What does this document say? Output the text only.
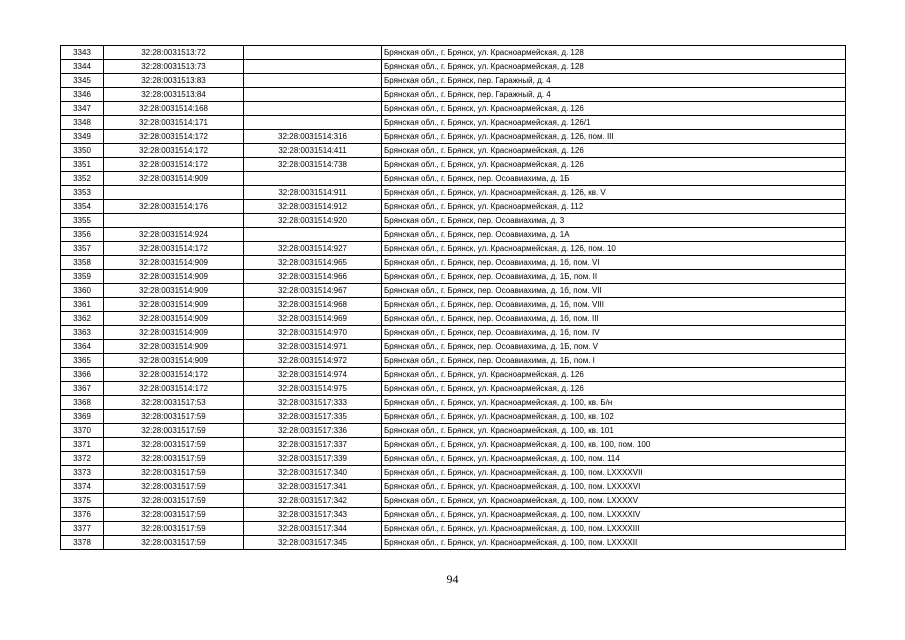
3343	32:28:0031513:72		Брянская обл., г. Брянск, ул. Красноармейская, д. 128
3344	32:28:0031513:73		Брянская обл., г. Брянск, ул. Красноармейская, д. 128
3345	32:28:0031513:83		Брянская обл., г. Брянск, пер. Гаражный, д. 4
3346	32:28:0031513:84		Брянская обл., г. Брянск, пер. Гаражный, д. 4
3347	32:28:0031514:168		Брянская обл., г. Брянск, ул. Красноармейская, д. 126
3348	32:28:0031514:171		Брянская обл., г. Брянск, ул. Красноармейская, д. 126/1
3349	32:28:0031514:172	32:28:0031514:316	Брянская обл., г. Брянск, ул. Красноармейская, д. 126, пом. III
3350	32:28:0031514:172	32:28:0031514:411	Брянская обл., г. Брянск, ул. Красноармейская, д. 126
3351	32:28:0031514:172	32:28:0031514:738	Брянская обл., г. Брянск, ул. Красноармейская, д. 126
3352	32:28:0031514:909		Брянская обл., г. Брянск, пер. Осоавиахима, д. 1Б
3353		32:28:0031514:911	Брянская обл., г. Брянск, ул. Красноармейская, д. 126, кв. V
3354	32:28:0031514:176	32:28:0031514:912	Брянская обл., г. Брянск, ул. Красноармейская, д. 112
3355		32:28:0031514:920	Брянская обл., г. Брянск, пер. Осоавиахима, д. 3
3356	32:28:0031514:924		Брянская обл., г. Брянск, пер. Осоавиахима, д. 1А
3357	32:28:0031514:172	32:28:0031514:927	Брянская обл., г. Брянск, ул. Красноармейская, д. 126, пом. 10
3358	32:28:0031514:909	32:28:0031514:965	Брянская обл., г. Брянск, пер. Осоавиахима, д. 1б, пом. VI
3359	32:28:0031514:909	32:28:0031514:966	Брянская обл., г. Брянск, пер. Осоавиахима, д. 1Б, пом. II
3360	32:28:0031514:909	32:28:0031514:967	Брянская обл., г. Брянск, пер. Осоавиахима, д. 1б, пом. VII
3361	32:28:0031514:909	32:28:0031514:968	Брянская обл., г. Брянск, пер. Осоавиахима, д. 1б, пом. VIII
3362	32:28:0031514:909	32:28:0031514:969	Брянская обл., г. Брянск, пер. Осоавиахима, д. 1б, пом. III
3363	32:28:0031514:909	32:28:0031514:970	Брянская обл., г. Брянск, пер. Осоавиахима, д. 1б, пом. IV
3364	32:28:0031514:909	32:28:0031514:971	Брянская обл., г. Брянск, пер. Осоавиахима, д. 1Б, пом. V
3365	32:28:0031514:909	32:28:0031514:972	Брянская обл., г. Брянск, пер. Осоавиахима, д. 1Б, пом. I
3366	32:28:0031514:172	32:28:0031514:974	Брянская обл., г. Брянск, ул. Красноармейская, д. 126
3367	32:28:0031514:172	32:28:0031514:975	Брянская обл., г. Брянск, ул. Красноармейская, д. 126
3368	32:28:0031517:53	32:28:0031517:333	Брянская обл., г. Брянск, ул. Красноармейская, д. 100, кв. Б/н
3369	32:28:0031517:59	32:28:0031517:335	Брянская обл., г. Брянск, ул. Красноармейская, д. 100, кв. 102
3370	32:28:0031517:59	32:28:0031517:336	Брянская обл., г. Брянск, ул. Красноармейская, д. 100, кв. 101
3371	32:28:0031517:59	32:28:0031517:337	Брянская обл., г. Брянск, ул. Красноармейская, д. 100, кв. 100, пом. 100
3372	32:28:0031517:59	32:28:0031517:339	Брянская обл., г. Брянск, ул. Красноармейская, д. 100, пом. 114
3373	32:28:0031517:59	32:28:0031517:340	Брянская обл., г. Брянск, ул. Красноармейская, д. 100, пом. LXXXXVII
3374	32:28:0031517:59	32:28:0031517:341	Брянская обл., г. Брянск, ул. Красноармейская, д. 100, пом. LXXXXVI
3375	32:28:0031517:59	32:28:0031517:342	Брянская обл., г. Брянск, ул. Красноармейская, д. 100, пом. LXXXXV
3376	32:28:0031517:59	32:28:0031517:343	Брянская обл., г. Брянск, ул. Красноармейская, д. 100, пом. LXXXXIV
3377	32:28:0031517:59	32:28:0031517:344	Брянская обл., г. Брянск, ул. Красноармейская, д. 100, пом. LXXXXIII
3378	32:28:0031517:59	32:28:0031517:345	Брянская обл., г. Брянск, ул. Красноармейская, д. 100, пом. LXXXXII
94
